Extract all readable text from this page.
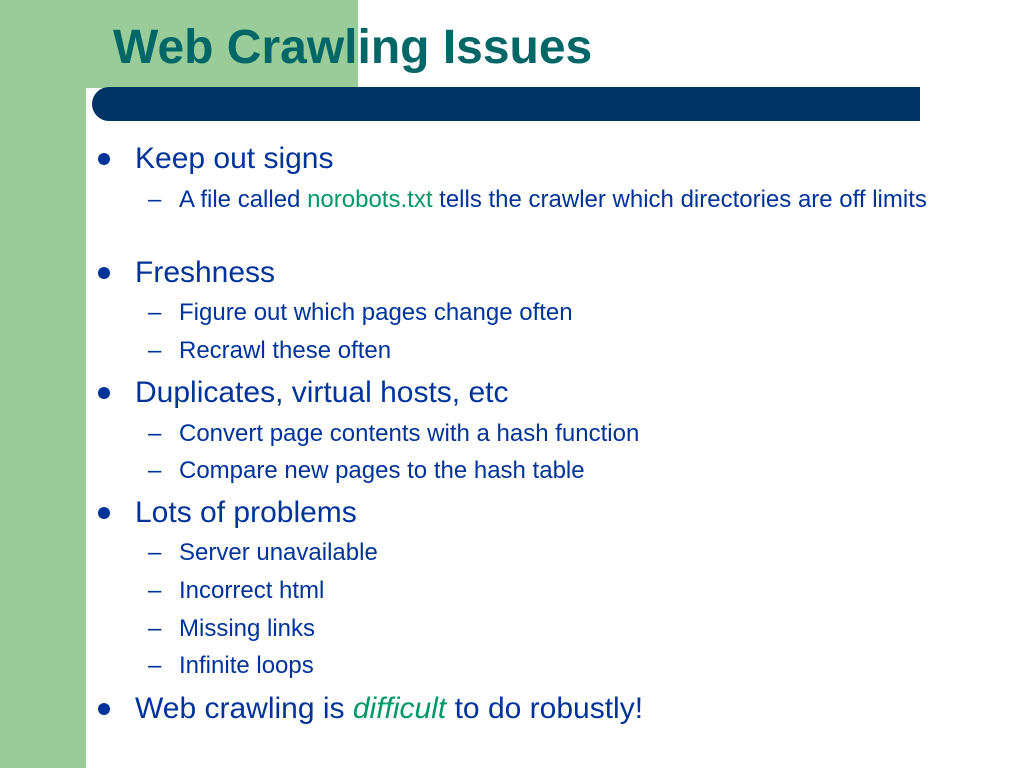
Web Crawling Issues
Keep out signs
– A file called norobots.txt tells the crawler which directories are off limits
Freshness
– Figure out which pages change often
– Recrawl these often
Duplicates, virtual hosts, etc
– Convert page contents with a hash function
– Compare new pages to the hash table
Lots of problems
– Server unavailable
– Incorrect html
– Missing links
– Infinite loops
Web crawling is difficult to do robustly!
